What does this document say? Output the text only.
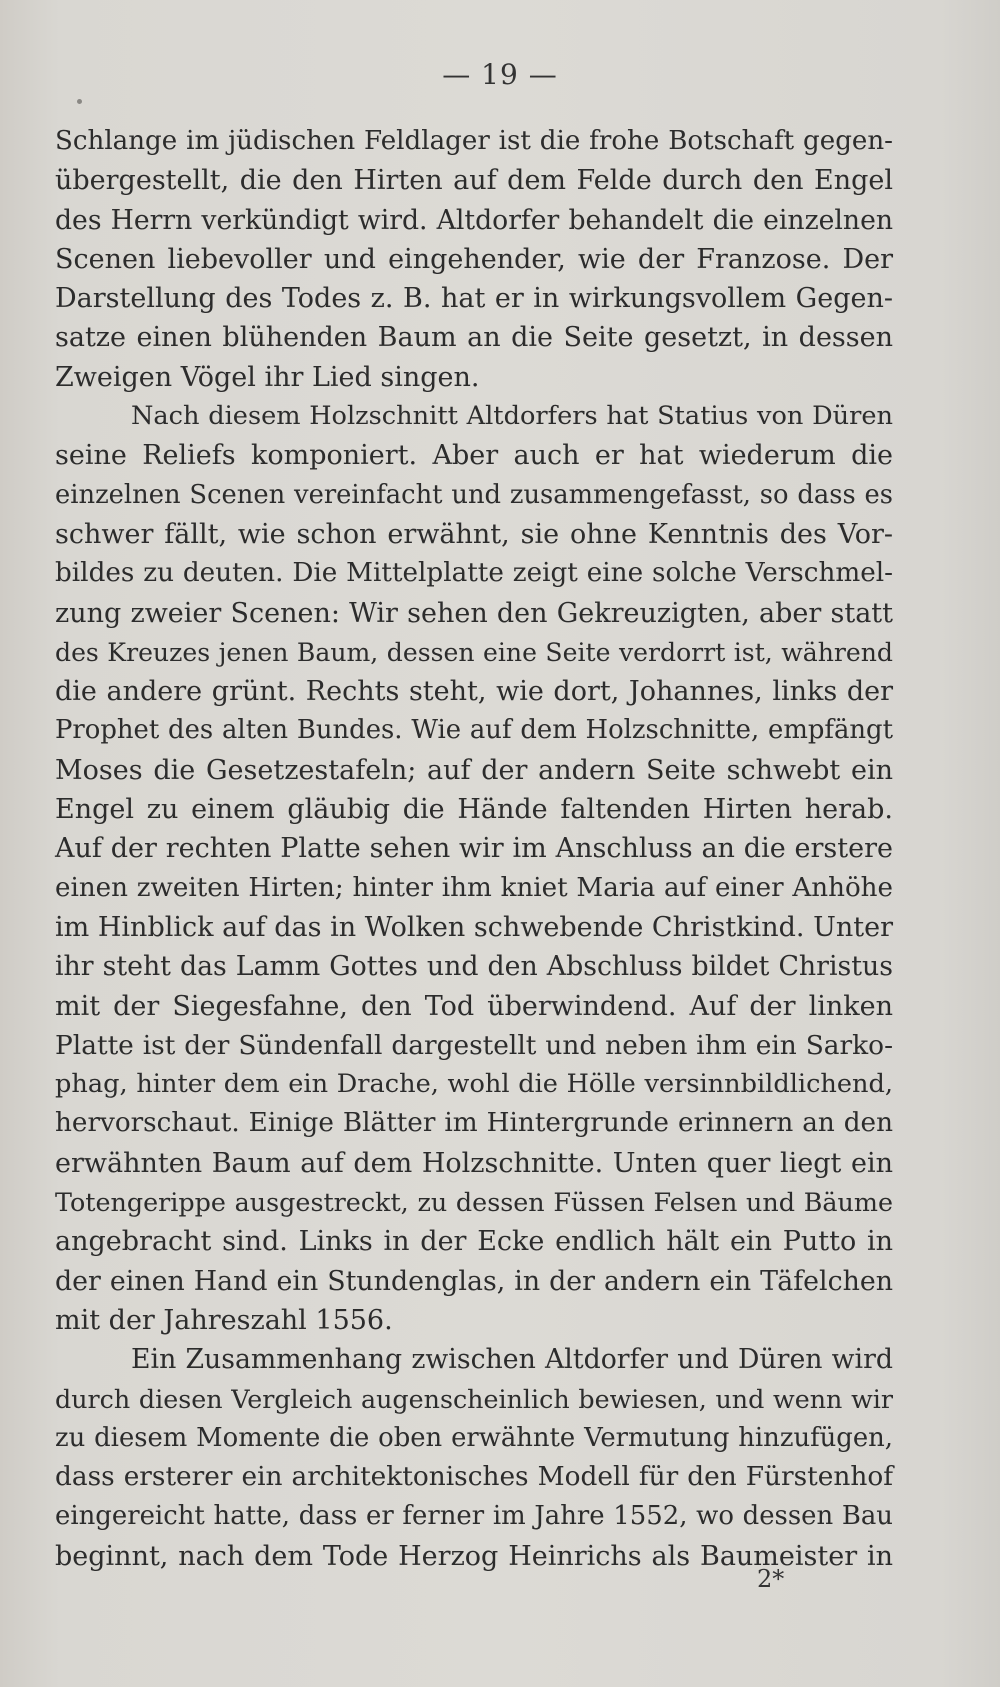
— 19 —

Schlange im jüdischen Feldlager ist die frohe Botschaft gegen-
übergestellt, die den Hirten auf dem Felde durch den Engel
des Herrn verkündigt wird. Altdorfer behandelt die einzelnen
Scenen liebevoller und eingehender, wie der Franzose. Der
Darstellung des Todes z. B. hat er in wirkungsvollem Gegen-
satze einen blühenden Baum an die Seite gesetzt, in dessen
Zweigen Vögel ihr Lied singen.

Nach diesem Holzschnitt Altdorfers hat Statius von Düren
seine Reliefs komponiert. Aber auch er hat wiederum die
einzelnen Scenen vereinfacht und zusammengefasst, so dass es
schwer fällt, wie schon erwähnt, sie ohne Kenntnis des Vor-
bildes zu deuten. Die Mittelplatte zeigt eine solche Verschmel-
zung zweier Scenen: Wir sehen den Gekreuzigten, aber statt
des Kreuzes jenen Baum, dessen eine Seite verdorrt ist, während
die andere grünt. Rechts steht, wie dort, Johannes, links der
Prophet des alten Bundes. Wie auf dem Holzschnitte, empfängt
Moses die Gesetzestafeln; auf der andern Seite schwebt ein
Engel zu einem gläubig die Hände faltenden Hirten herab.
Auf der rechten Platte sehen wir im Anschluss an die erstere
einen zweiten Hirten; hinter ihm kniet Maria auf einer Anhöhe
im Hinblick auf das in Wolken schwebende Christkind. Unter
ihr steht das Lamm Gottes und den Abschluss bildet Christus
mit der Siegesfahne, den Tod überwindend. Auf der linken
Platte ist der Sündenfall dargestellt und neben ihm ein Sarko-
phag, hinter dem ein Drache, wohl die Hölle versinnbildlichend,
hervorschaut. Einige Blätter im Hintergrunde erinnern an den
erwähnten Baum auf dem Holzschnitte. Unten quer liegt ein
Totengerippe ausgestreckt, zu dessen Füssen Felsen und Bäume
angebracht sind. Links in der Ecke endlich hält ein Putto in
der einen Hand ein Stundenglas, in der andern ein Täfelchen
mit der Jahreszahl 1556.

Ein Zusammenhang zwischen Altdorfer und Düren wird
durch diesen Vergleich augenscheinlich bewiesen, und wenn wir
zu diesem Momente die oben erwähnte Vermutung hinzufügen,
dass ersterer ein architektonisches Modell für den Fürstenhof
eingereicht hatte, dass er ferner im Jahre 1552, wo dessen Bau
beginnt, nach dem Tode Herzog Heinrichs als Baumeister in

2*
